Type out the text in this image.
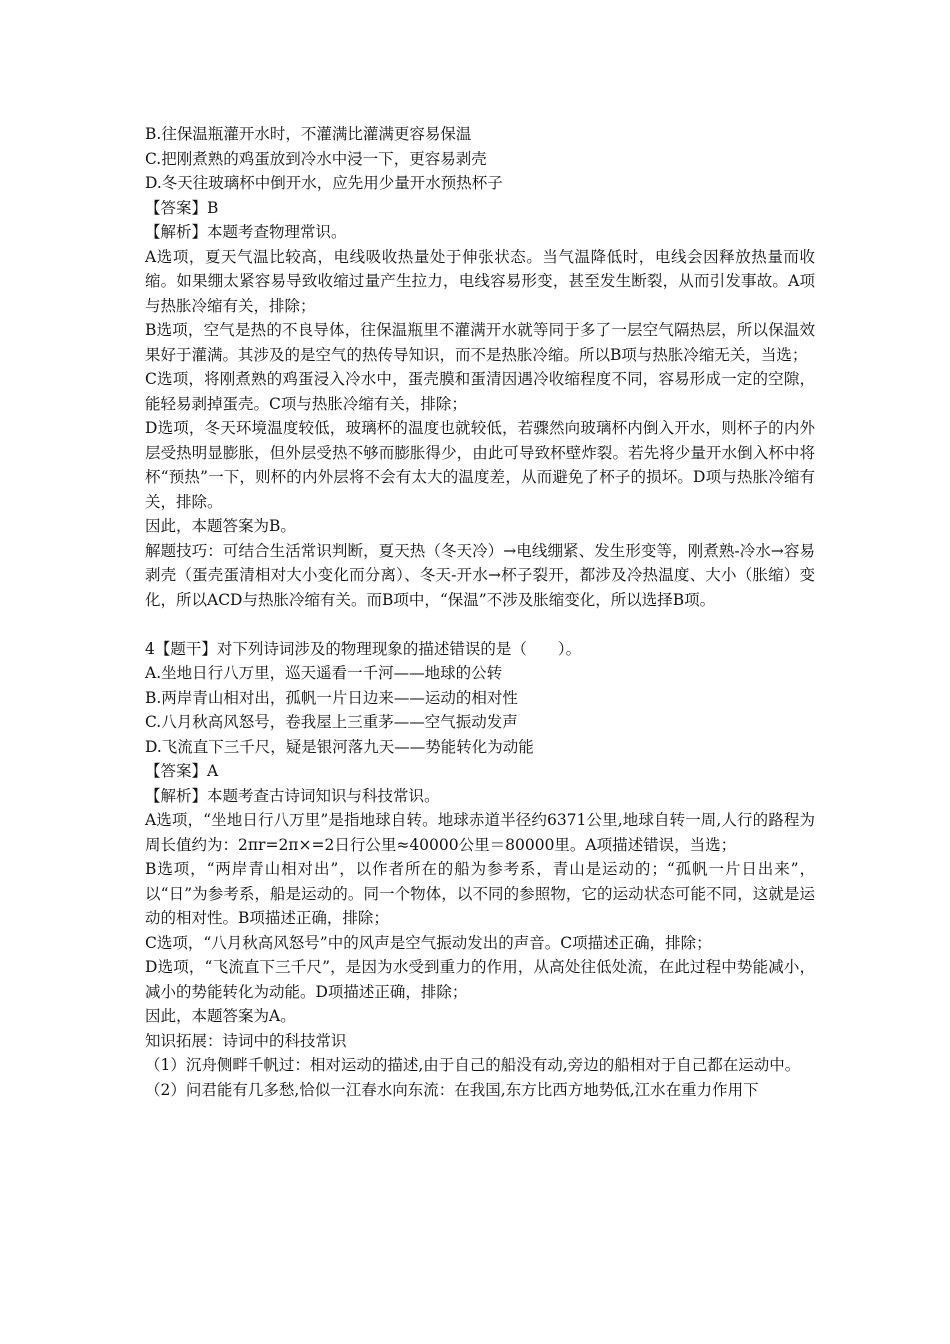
B.往保温瓶灌开水时，不灌满比灌满更容易保温

C.把刚煮熟的鸡蛋放到冷水中浸一下，更容易剥壳

D.冬天往玻璃杯中倒开水，应先用少量开水预热杯子

【答案】B

【解析】本题考查物理常识。

A选项，夏天气温比较高，电线吸收热量处于伸张状态。当气温降低时，电线会因释放热量而收缩。如果绷太紧容易导致收缩过量产生拉力，电线容易形变，甚至发生断裂，从而引发事故。A项与热胀冷缩有关，排除；

B选项，空气是热的不良导体，往保温瓶里不灌满开水就等同于多了一层空气隔热层，所以保温效果好于灌满。其涉及的是空气的热传导知识，而不是热胀冷缩。所以B项与热胀冷缩无关，当选；

C选项，将刚煮熟的鸡蛋浸入冷水中，蛋壳膜和蛋清因遇冷收缩程度不同，容易形成一定的空隙，能轻易剥掉蛋壳。C项与热胀冷缩有关，排除；

D选项，冬天环境温度较低，玻璃杯的温度也就较低，若骤然向玻璃杯内倒入开水，则杯子的内外层受热明显膨胀，但外层受热不够而膨胀得少，由此可导致杯壁炸裂。若先将少量开水倒入杯中将杯“预热”一下，则杯的内外层将不会有太大的温度差，从而避免了杯子的损坏。D项与热胀冷缩有关，排除。

因此，本题答案为B。

解题技巧：可结合生活常识判断，夏天热（冬天冷）→电线绷紧、发生形变等，刚煮熟-冷水→容易剥壳（蛋壳蛋清相对大小变化而分离）、冬天-开水→杯子裂开，都涉及冷热温度、大小（胀缩）变化，所以ACD与热胀冷缩有关。而B项中，“保温”不涉及胀缩变化，所以选择B项。

4【题干】对下列诗词涉及的物理现象的描述错误的是（　　）。

A.坐地日行八万里，巡天遥看一千河——地球的公转

B.两岸青山相对出，孤帆一片日边来——运动的相对性

C.八月秋高风怒号，卷我屋上三重茅——空气振动发声

D.飞流直下三千尺，疑是银河落九天——势能转化为动能

【答案】A

【解析】本题考查古诗词知识与科技常识。

A选项，“坐地日行八万里”是指地球自转。地球赤道半径约6371公里,地球自转一周,人行的路程为周长值约为：2πr=2π×=2日行公里≈40000公里＝80000里。A项描述错误，当选；

B选项，“两岸青山相对出”，以作者所在的船为参考系，青山是运动的；“孤帆一片日出来”，以“日”为参考系，船是运动的。同一个物体，以不同的参照物，它的运动状态可能不同，这就是运动的相对性。B项描述正确，排除；

C选项，“八月秋高风怒号”中的风声是空气振动发出的声音。C项描述正确，排除；

D选项，“飞流直下三千尺”，是因为水受到重力的作用，从高处往低处流，在此过程中势能减小，减小的势能转化为动能。D项描述正确，排除；

因此，本题答案为A。

知识拓展：诗词中的科技常识

（1）沉舟侧畔千帆过：相对运动的描述,由于自己的船没有动,旁边的船相对于自己都在运动中。

（2）问君能有几多愁,恰似一江春水向东流：在我国,东方比西方地势低,江水在重力作用下
